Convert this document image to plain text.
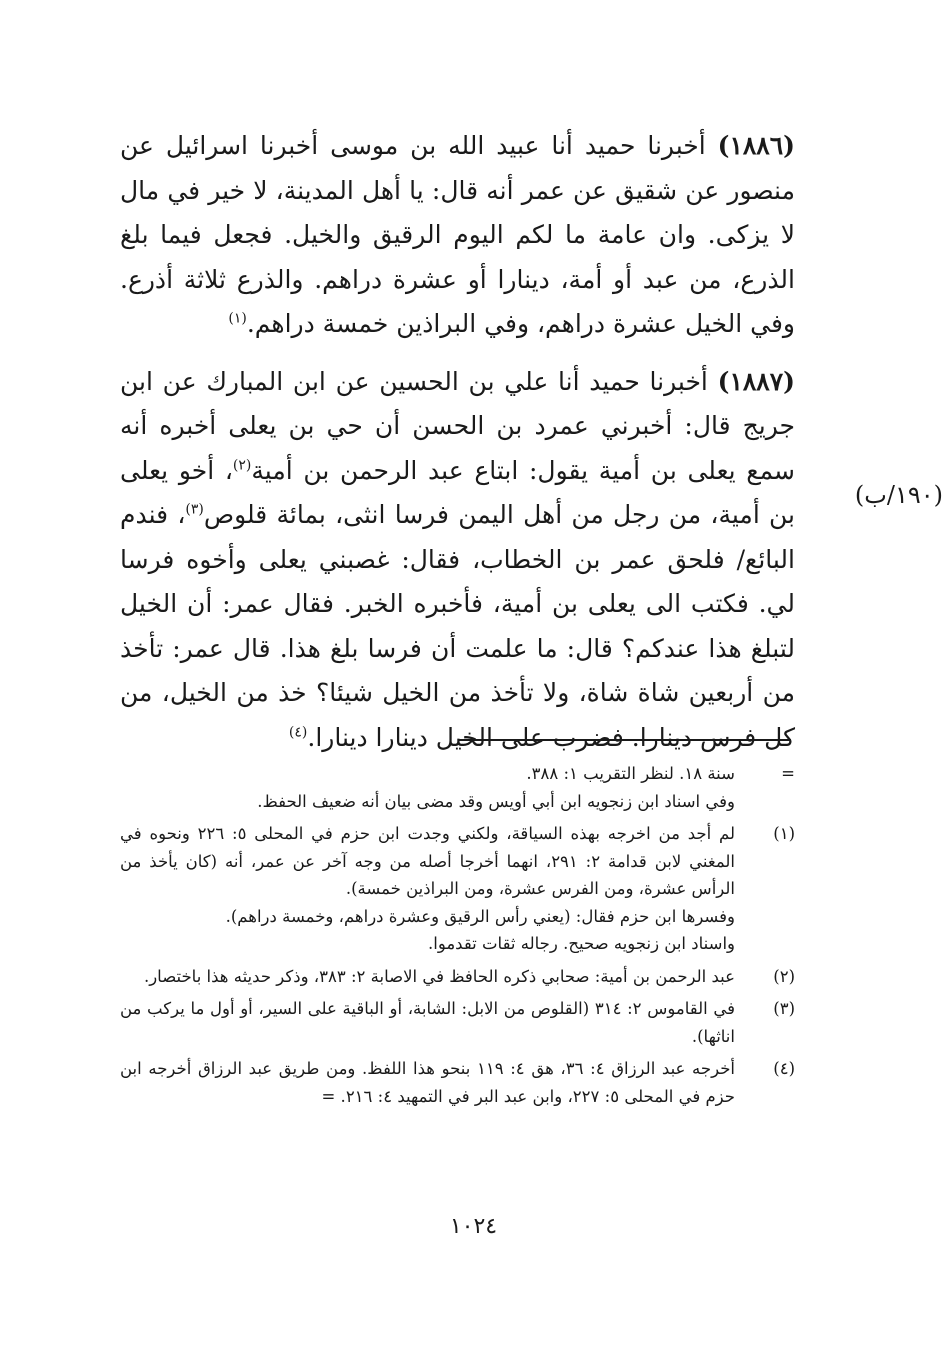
(١٨٨٦) أخبرنا حميد أنا عبيد الله بن موسى أخبرنا اسرائيل عن منصور عن شقيق عن عمر أنه قال: يا أهل المدينة، لا خير في مال لا يزكى. وان عامة ما لكم اليوم الرقيق والخيل. فجعل فيما بلغ الذرع، من عبد أو أمة، دينارا أو عشرة دراهم. والذرع ثلاثة أذرع. وفي الخيل عشرة دراهم، وفي البراذين خمسة دراهم.$^{(١)}$

(١٨٨٧) أخبرنا حميد أنا علي بن الحسين عن ابن المبارك عن ابن جريج قال: أخبرني عمرد بن الحسن أن حي بن يعلى أخبره أنه سمع يعلى بن أمية يقول: ابتاع عبد الرحمن بن أمية$^{(٢)}$، أخو يعلى بن أمية، من رجل من أهل اليمن فرسا انثى، بمائة قلوص$^{(٣)}$، فندم البائع/ فلحق عمر بن الخطاب، فقال: غصبني يعلى وأخوه فرسا لي. فكتب الى يعلى بن أمية، فأخبره الخبر. فقال عمر: أن الخيل لتبلغ هذا عندكم؟ قال: ما علمت أن فرسا بلغ هذا. قال عمر: تأخذ من أربعين شاة شاة، ولا تأخذ من الخيل شيئا؟ خذ من الخيل، من كل فرس دينارا. فضرب على الخيل دينارا دينارا.$^{(٤)}$

(۱۹۰/ب)
=
سنة ١٨. لنظر التقريب ١: ٣٨٨.
وفي اسناد ابن زنجويه ابن أبي أويس وقد مضى بيان أنه ضعيف الحفظ.
(١)
لم أجد من اخرجه بهذه السياقة، ولكني وجدت ابن حزم في المحلى ٥: ٢٢٦ ونحوه في المغني لابن قدامة ٢: ٢٩١، انهما أخرجا أصله من وجه آخر عن عمر، أنه (كان يأخذ من الرأس عشرة، ومن الفرس عشرة، ومن البراذين خمسة).
وفسرها ابن حزم فقال: (يعني رأس الرقيق وعشرة دراهم، وخمسة دراهم).
واسناد ابن زنجويه صحيح. رجاله ثقات تقدموا.
(٢)
عبد الرحمن بن أمية: صحابي ذكره الحافظ في الاصابة ٢: ٣٨٣، وذكر حديثه هذا باختصار.
(٣)
في القاموس ٢: ٣١٤ (القلوص من الابل: الشابة، أو الباقية على السير، أو أول ما يركب من اناثها).
(٤)
أخرجه عبد الرزاق ٤: ٣٦، هق ٤: ١١٩ بنحو هذا اللفظ. ومن طريق عبد الرزاق أخرجه ابن حزم في المحلى ٥: ٢٢٧، وابن عبد البر في التمهيد ٤: ٢١٦. =
١٠٢٤
